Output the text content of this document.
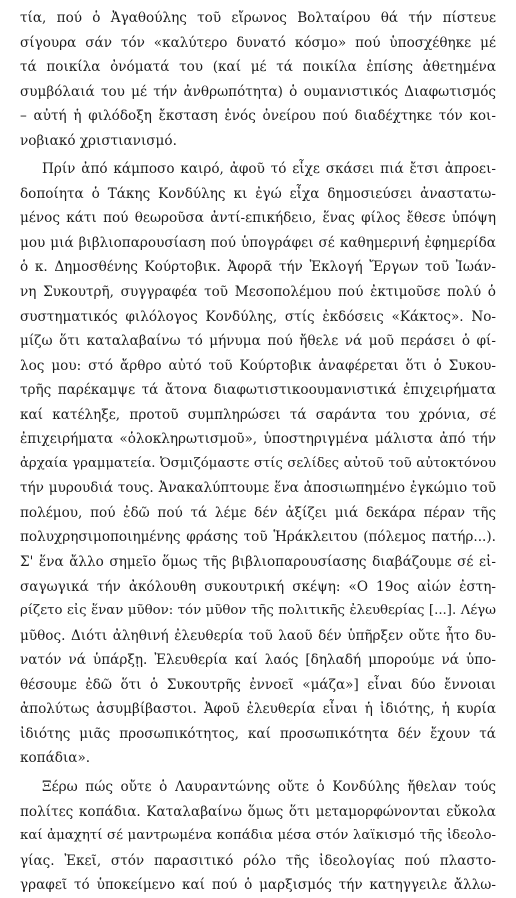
τία, πού ὁ Ἀγαθούλης τοῦ εἴρωνος Βολταίρου θά τήν πίστευε
σίγουρα σάν τόν «καλύτερο δυνατό κόσμο» πού ὑποσχέθηκε μέ
τά ποικίλα ὀνόματά του (καί μέ τά ποικίλα ἐπίσης ἀθετημένα
συμβόλαιά του μέ τήν ἀνθρωπότητα) ὁ ουμανιστικός Διαφωτισμός
– αὐτή ἡ φιλόδοξη ἔκσταση ἑνός ὀνείρου πού διαδέχτηκε τόν κοι-
νοβιακό χριστιανισμό.
Πρίν ἀπό κάμποσο καιρό, ἀφοῦ τό εἶχε σκάσει πιά ἔτσι ἀπροει-
δοποίητα ὁ Τάκης Κονδύλης κι ἐγώ εἶχα δημοσιεύσει ἀναστατω-
μένος κάτι πού θεωροῦσα ἀντί-επικήδειο, ἕνας φίλος ἔθεσε ὑπόψη
μου μιά βιβλιοπαρουσίαση πού ὑπογράφει σέ καθημερινή ἐφημερίδα
ὁ κ. Δημοσθένης Κούρτοβικ. Ἀφορᾶ τήν Ἐκλογή Ἔργων τοῦ Ἰωάν-
νη Συκουτρῆ, συγγραφέα τοῦ Μεσοπολέμου πού ἐκτιμοῦσε πολύ ὁ
συστηματικός φιλόλογος Κονδύλης, στίς ἐκδόσεις «Κάκτος». Νο-
μίζω ὅτι καταλαβαίνω τό μήνυμα πού ἤθελε νά μοῦ περάσει ὁ φί-
λος μου: στό ἄρθρο αὐτό τοῦ Κούρτοβικ ἀναφέρεται ὅτι ὁ Συκου-
τρῆς παρέκαμψε τά ἄτονα διαφωτιστικοουμανιστικά ἐπιχειρήματα
καί κατέληξε, προτοῦ συμπληρώσει τά σαράντα του χρόνια, σέ
ἐπιχειρήματα «ὁλοκληρωτισμοῦ», ὑποστηριγμένα μάλιστα ἀπό τήν
ἀρχαία γραμματεία. Ὀσμιζόμαστε στίς σελίδες αὐτοῦ τοῦ αὐτοκτόνου
τήν μυρουδιά τους. Ἀνακαλύπτουμε ἕνα ἀποσιωπημένο ἐγκώμιο τοῦ
πολέμου, πού ἐδῶ πού τά λέμε δέν ἀξίζει μιά δεκάρα πέραν τῆς
πολυχρησιμοποιημένης φράσης τοῦ Ἡράκλειτου (πόλεμος πατήρ...).
Σ' ἕνα ἄλλο σημεῖο ὅμως τῆς βιβλιοπαρουσίασης διαβάζουμε σέ εἰ-
σαγωγικά τήν ἀκόλουθη συκουτρική σκέψη: «Ο 19ος αἰών ἐστη-
ρίζετο εἰς ἕναν μῦθον: τόν μῦθον τῆς πολιτικῆς ἐλευθερίας [...]. Λέγω
μῦθος. Διότι ἀληθινή ἐλευθερία τοῦ λαοῦ δέν ὑπῆρξεν οὔτε ἦτο δυ-
νατόν νά ὑπάρξῃ. Ἐλευθερία καί λαός [δηλαδή μπορούμε νά ὑπο-
θέσουμε ἐδῶ ὅτι ὁ Συκουτρῆς ἐννοεῖ «μάζα»] εἶναι δύο ἔννοιαι
ἀπολύτως ἀσυμβίβαστοι. Ἀφοῦ ἐλευθερία εἶναι ἡ ἰδιότης, ἡ κυρία
ἰδιότης μιᾶς προσωπικότητος, καί προσωπικότητα δέν ἔχουν τά
κοπάδια».
Ξέρω πώς οὔτε ὁ Λαυραντώνης οὔτε ὁ Κονδύλης ἤθελαν τούς
πολίτες κοπάδια. Καταλαβαίνω ὅμως ὅτι μεταμορφώνονται εὔκολα
καί ἀμαχητί σέ μαντρωμένα κοπάδια μέσα στόν λαϊκισμό τῆς ἰδεολο-
γίας. Ἐκεῖ, στόν παρασιτικό ρόλο τῆς ἰδεολογίας πού πλαστο-
γραφεῖ τό ὑποκείμενο καί πού ὁ μαρξισμός τήν κατηγγειλε ἄλλω-
